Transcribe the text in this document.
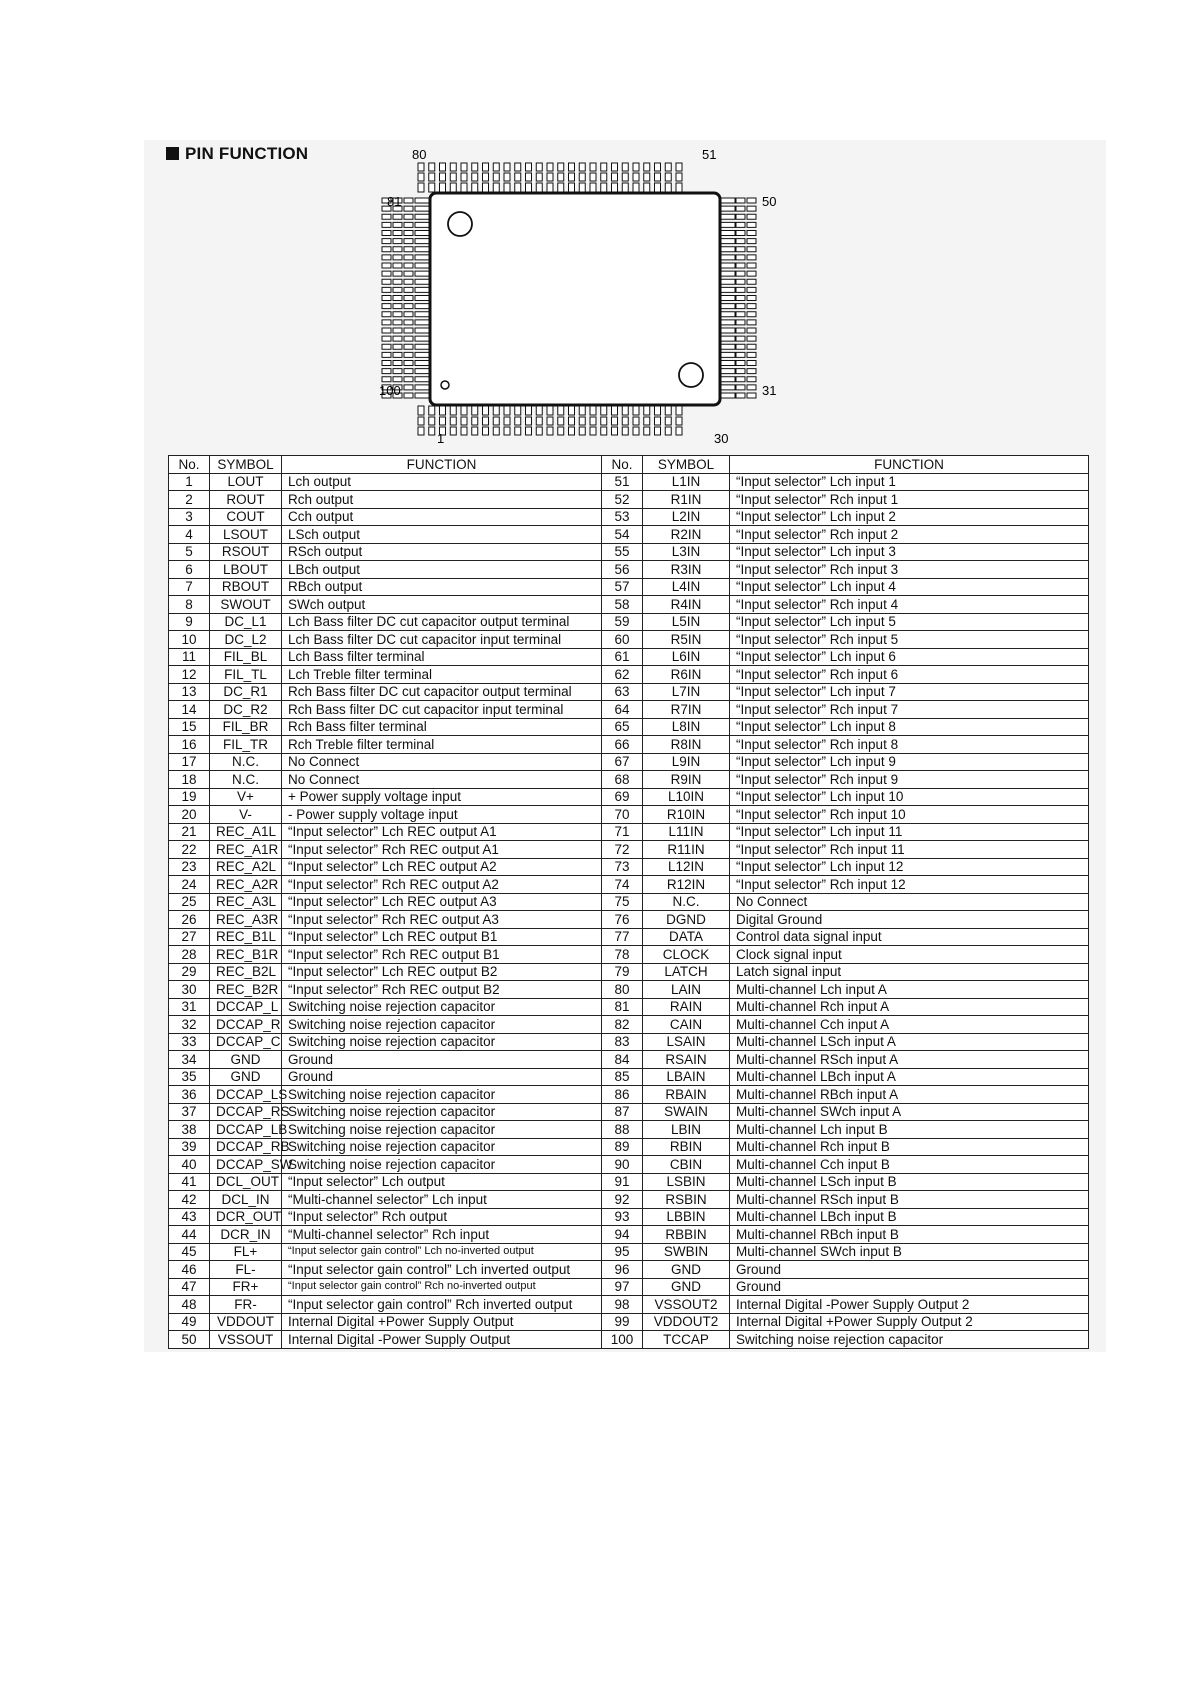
PIN FUNCTION	80	51
81	50
100	31
1	30
No.	SYMBOL	FUNCTION	No.	SYMBOL	FUNCTION
1	LOUT	Lch output	51	L1IN	“Input selector” Lch input 1
2	ROUT	Rch output	52	R1IN	“Input selector” Rch input 1
3	COUT	Cch output	53	L2IN	“Input selector” Lch input 2
4	LSOUT	LSch output	54	R2IN	“Input selector” Rch input 2
5	RSOUT	RSch output	55	L3IN	“Input selector” Lch input 3
6	LBOUT	LBch output	56	R3IN	“Input selector” Rch input 3
7	RBOUT	RBch output	57	L4IN	“Input selector” Lch input 4
8	SWOUT	SWch output	58	R4IN	“Input selector” Rch input 4
9	DC_L1	Lch Bass filter DC cut capacitor output terminal	59	L5IN	“Input selector” Lch input 5
10	DC_L2	Lch Bass filter DC cut capacitor input terminal	60	R5IN	“Input selector” Rch input 5
11	FIL_BL	Lch Bass filter terminal	61	L6IN	“Input selector” Lch input 6
12	FIL_TL	Lch Treble filter terminal	62	R6IN	“Input selector” Rch input 6
13	DC_R1	Rch Bass filter DC cut capacitor output terminal	63	L7IN	“Input selector” Lch input 7
14	DC_R2	Rch Bass filter DC cut capacitor input terminal	64	R7IN	“Input selector” Rch input 7
15	FIL_BR	Rch Bass filter terminal	65	L8IN	“Input selector” Lch input 8
16	FIL_TR	Rch Treble filter terminal	66	R8IN	“Input selector” Rch input 8
17	N.C.	No Connect	67	L9IN	“Input selector” Lch input 9
18	N.C.	No Connect	68	R9IN	“Input selector” Rch input 9
19	V+	+ Power supply voltage input	69	L10IN	“Input selector” Lch input 10
20	V-	- Power supply voltage input	70	R10IN	“Input selector” Rch input 10
21	REC_A1L	“Input selector” Lch REC output A1	71	L11IN	“Input selector” Lch input 11
22	REC_A1R	“Input selector” Rch REC output A1	72	R11IN	“Input selector” Rch input 11
23	REC_A2L	“Input selector” Lch REC output A2	73	L12IN	“Input selector” Lch input 12
24	REC_A2R	“Input selector” Rch REC output A2	74	R12IN	“Input selector” Rch input 12
25	REC_A3L	“Input selector” Lch REC output A3	75	N.C.	No Connect
26	REC_A3R	“Input selector” Rch REC output A3	76	DGND	Digital Ground
27	REC_B1L	“Input selector” Lch REC output B1	77	DATA	Control data signal input
28	REC_B1R	“Input selector” Rch REC output B1	78	CLOCK	Clock signal input
29	REC_B2L	“Input selector” Lch REC output B2	79	LATCH	Latch signal input
30	REC_B2R	“Input selector” Rch REC output B2	80	LAIN	Multi-channel Lch input A
31	DCCAP_L	Switching noise rejection capacitor	81	RAIN	Multi-channel Rch input A
32	DCCAP_R	Switching noise rejection capacitor	82	CAIN	Multi-channel Cch input A
33	DCCAP_C	Switching noise rejection capacitor	83	LSAIN	Multi-channel LSch input A
34	GND	Ground	84	RSAIN	Multi-channel RSch input A
35	GND	Ground	85	LBAIN	Multi-channel LBch input A
36	DCCAP_LS	Switching noise rejection capacitor	86	RBAIN	Multi-channel RBch input A
37	DCCAP_RS	Switching noise rejection capacitor	87	SWAIN	Multi-channel SWch input A
38	DCCAP_LB	Switching noise rejection capacitor	88	LBIN	Multi-channel Lch input B
39	DCCAP_RB	Switching noise rejection capacitor	89	RBIN	Multi-channel Rch input B
40	DCCAP_SW	Switching noise rejection capacitor	90	CBIN	Multi-channel Cch input B
41	DCL_OUT	“Input selector” Lch output	91	LSBIN	Multi-channel LSch input B
42	DCL_IN	“Multi-channel selector” Lch input	92	RSBIN	Multi-channel RSch input B
43	DCR_OUT	“Input selector” Rch output	93	LBBIN	Multi-channel LBch input B
44	DCR_IN	“Multi-channel selector” Rch input	94	RBBIN	Multi-channel RBch input B
45	FL+	“Input selector gain control” Lch no-inverted output	95	SWBIN	Multi-channel SWch input B
46	FL-	“Input selector gain control” Lch inverted output	96	GND	Ground
47	FR+	“Input selector gain control” Rch no-inverted output	97	GND	Ground
48	FR-	“Input selector gain control” Rch inverted output	98	VSSOUT2	Internal Digital -Power Supply Output 2
49	VDDOUT	Internal Digital +Power Supply Output	99	VDDOUT2	Internal Digital +Power Supply Output 2
50	VSSOUT	Internal Digital -Power Supply Output	100	TCCAP	Switching noise rejection capacitor
